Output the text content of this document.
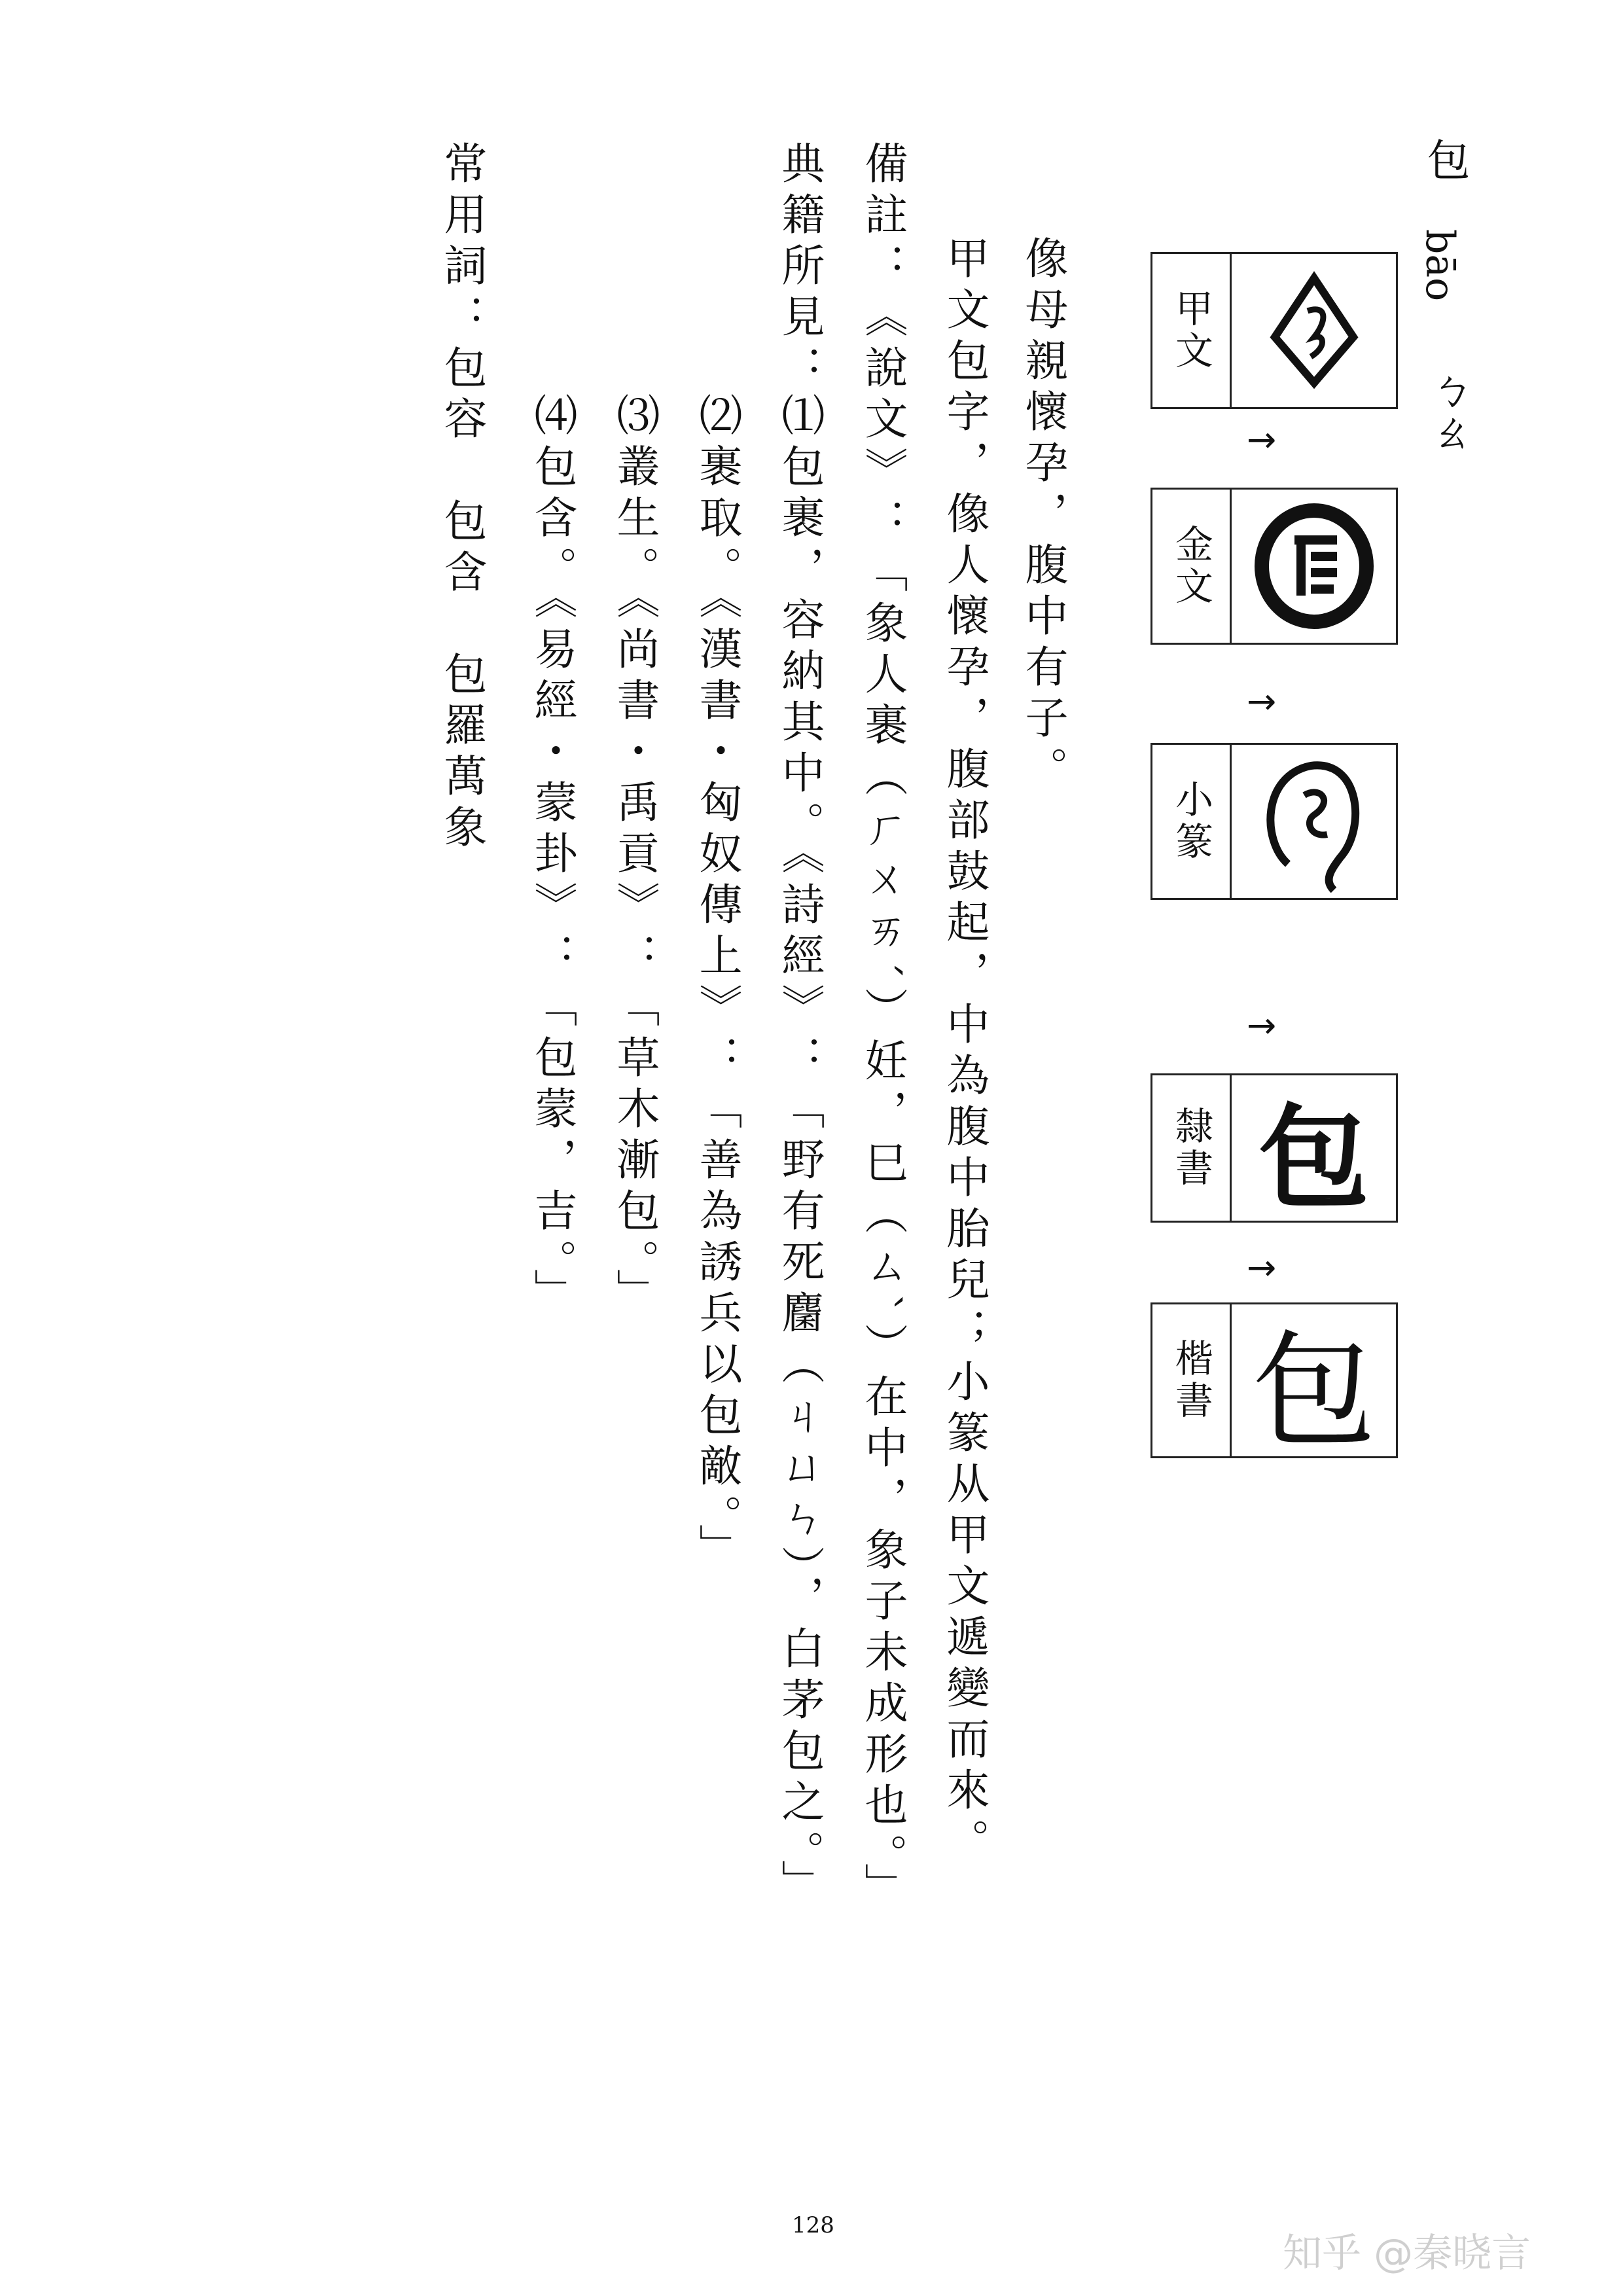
包
bāo
ㄅㄠ
甲文
→
金文
→
小篆
→
隸書 包
→
楷書 包
像母親懷孕，腹中有子。
甲文包字，像人懷孕，腹部鼓起，中為腹中胎兒；小篆从甲文遞變而來。
備註：《說文》：「象人裹（ㄏㄨㄞˊ）妊，巳（ㄙˋ）在中，象子未成形也。」
典籍所見：
⑴包裹，容納其中。《詩經》：「野有死麕（ㄐㄩㄣ），白茅包之。」
⑵裹取。《漢書・匈奴傳上》：「善為誘兵以包敵。」
⑶叢生。《尚書・禹貢》：「草木漸包。」
⑷包含。《易經・蒙卦》：「包蒙，吉。」
常用詞：包容　包含　包羅萬象
128
知乎 @秦晓言
